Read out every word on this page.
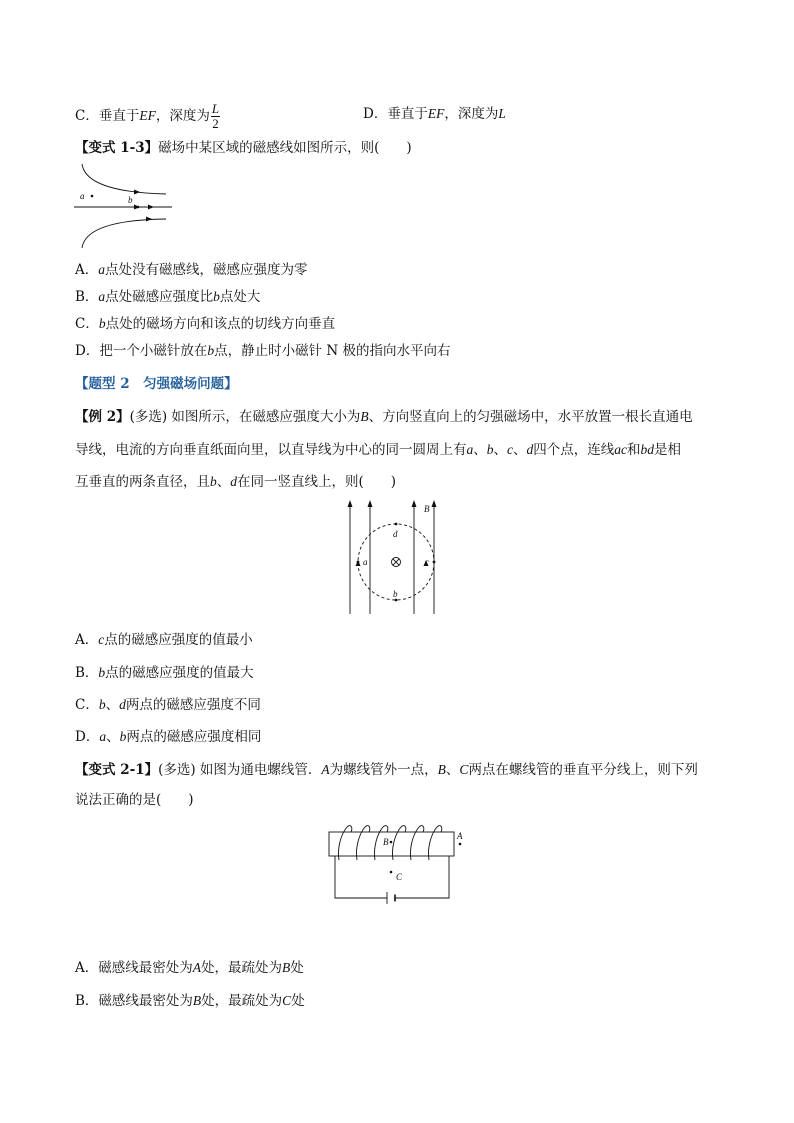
C．垂直于EF，深度为 $\frac{L}{2}$	D．垂直于EF，深度为L
【变式 1-3】磁场中某区域的磁感线如图所示，则(　　)
a	b
A．a点处没有磁感线，磁感应强度为零
B．a点处磁感应强度比b点处大
C．b点处的磁场方向和该点的切线方向垂直
D．把一个小磁针放在b点，静止时小磁针 N 极的指向水平向右
【题型 2　匀强磁场问题】
【例 2】(多选) 如图所示，在磁感应强度大小为B、方向竖直向上的匀强磁场中，水平放置一根长直通电
导线，电流的方向垂直纸面向里，以直导线为中心的同一圆周上有a、b、c、d四个点，连线ac和bd是相
互垂直的两条直径，且b、d在同一竖直线上，则(　　)
B
d
b
a	c
A．c点的磁感应强度的值最小
B．b点的磁感应强度的值最大
C．b、d两点的磁感应强度不同
D．a、b两点的磁感应强度相同
【变式 2-1】(多选) 如图为通电螺线管．A为螺线管外一点，B、C两点在螺线管的垂直平分线上，则下列
说法正确的是(　　)
B
C
A
A．磁感线最密处为A处，最疏处为B处
B．磁感线最密处为B处，最疏处为C处
